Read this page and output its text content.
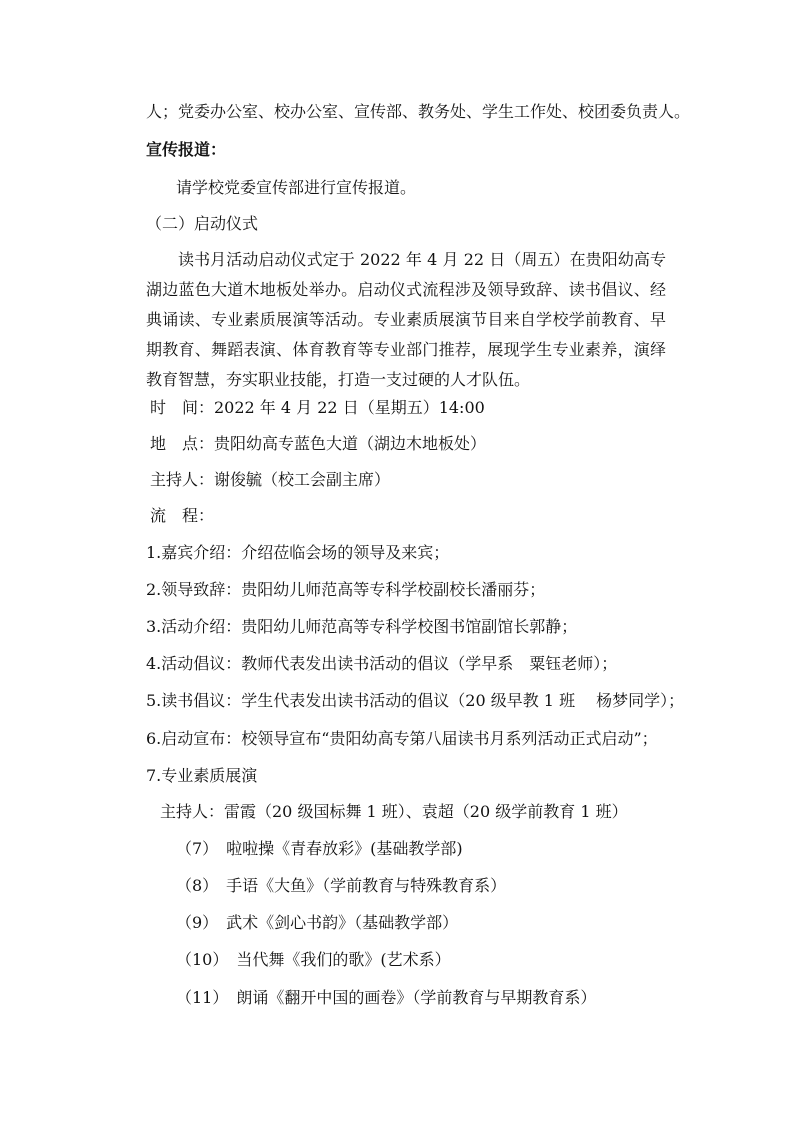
人；党委办公室、校办公室、宣传部、教务处、学生工作处、校团委负责人。
宣传报道：
请学校党委宣传部进行宣传报道。
（二）启动仪式
读书月活动启动仪式定于 2022 年 4 月 22 日（周五）在贵阳幼高专湖边蓝色大道木地板处举办。启动仪式流程涉及领导致辞、读书倡议、经典诵读、专业素质展演等活动。专业素质展演节目来自学校学前教育、早期教育、舞蹈表演、体育教育等专业部门推荐，展现学生专业素养，演绎教育智慧，夯实职业技能，打造一支过硬的人才队伍。
时　间：2022 年 4 月 22 日（星期五）14:00
地　点：贵阳幼高专蓝色大道（湖边木地板处）
主持人：谢俊毓（校工会副主席）
流　程：
1.嘉宾介绍：介绍莅临会场的领导及来宾；
2.领导致辞：贵阳幼儿师范高等专科学校副校长潘丽芬；
3.活动介绍：贵阳幼儿师范高等专科学校图书馆副馆长郭静；
4.活动倡议：教师代表发出读书活动的倡议（学早系　粟钰老师）；
5.读书倡议：学生代表发出读书活动的倡议（20 级早教 1 班　 杨梦同学）；
6.启动宣布：校领导宣布“贵阳幼高专第八届读书月系列活动正式启动”；
7.专业素质展演
主持人：雷霞（20 级国标舞 1 班）、袁超（20 级学前教育 1 班）
（7）　啦啦操《青春放彩》(基础教学部)
（8）　手语《大鱼》（学前教育与特殊教育系）
（9）　武术《剑心书韵》（基础教学部）
（10）　当代舞《我们的歌》(艺术系）
（11）　朗诵《翻开中国的画卷》（学前教育与早期教育系）
